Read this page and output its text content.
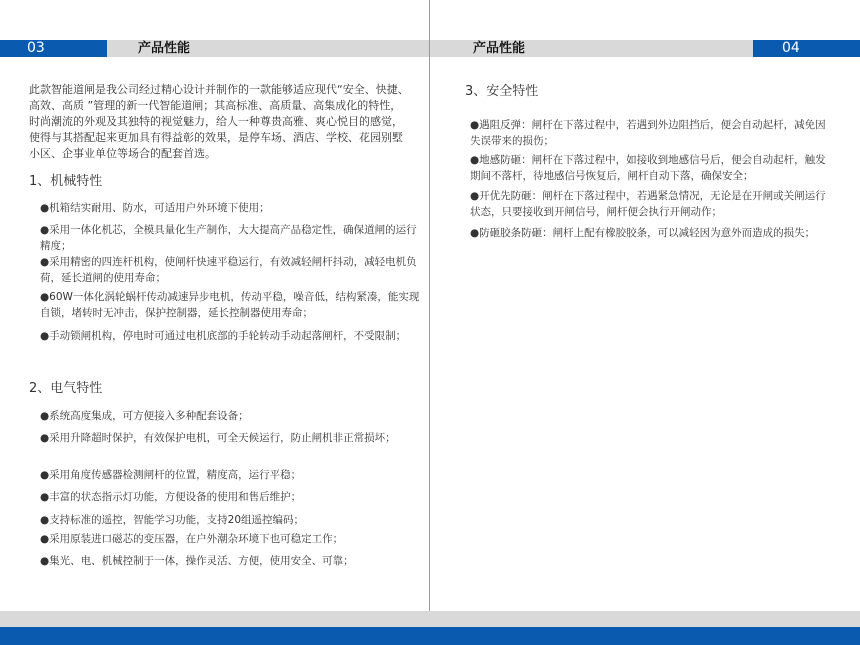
03	产品性能	产品性能	04
此款智能道闸是我公司经过精心设计并制作的一款能够适应现代“安全、快捷、高效、高质 ”管理的新一代智能道闸；其高标准、高质量、高集成化的特性，时尚潮流的外观及其独特的视觉魅力，给人一种尊贵高雅、爽心悦目的感觉，使得与其搭配起来更加具有得益彰的效果，是停车场、酒店、学校、花园别墅小区、企事业单位等场合的配套首选。
1、机械特性
●机箱结实耐用、防水，可适用户外环境下使用；
●采用一体化机芯，全模具量化生产制作，大大提高产品稳定性，确保道闸的运行精度；
●采用精密的四连杆机构，使闸杆快速平稳运行，有效减轻闸杆抖动，减轻电机负荷，延长道闸的使用寿命；
●60W一体化涡轮蜗杆传动减速异步电机，传动平稳，噪音低，结构紧凑，能实现自锁，堵转时无冲击，保护控制器，延长控制器使用寿命；
●手动锁闸机构，停电时可通过电机底部的手轮转动手动起落闸杆，不受限制；
2、电气特性
●系统高度集成，可方便接入多种配套设备；
●采用升降超时保护，有效保护电机，可全天候运行，防止闸机非正常损坏；
●采用角度传感器检测闸杆的位置，精度高，运行平稳；
●丰富的状态指示灯功能，方便设备的使用和售后维护；
●支持标准的遥控，智能学习功能，支持20组遥控编码；
●采用原装进口磁芯的变压器，在户外潮杂环境下也可稳定工作；
●集光、电、机械控制于一体，操作灵活、方便，使用安全、可靠；
3、安全特性
●遇阻反弹：闸杆在下落过程中，若遇到外边阻挡后，便会自动起杆，减免因失误带来的损伤；
●地感防砸：闸杆在下落过程中，如接收到地感信号后，便会自动起杆，触发期间不落杆，待地感信号恢复后，闸杆自动下落，确保安全；
●开优先防砸：闸杆在下落过程中，若遇紧急情况，无论是在开闸或关闸运行状态，只要接收到开闸信号，闸杆便会执行开闸动作；
●防砸胶条防砸：闸杆上配有橡胶胶条，可以减轻因为意外而造成的损失；
